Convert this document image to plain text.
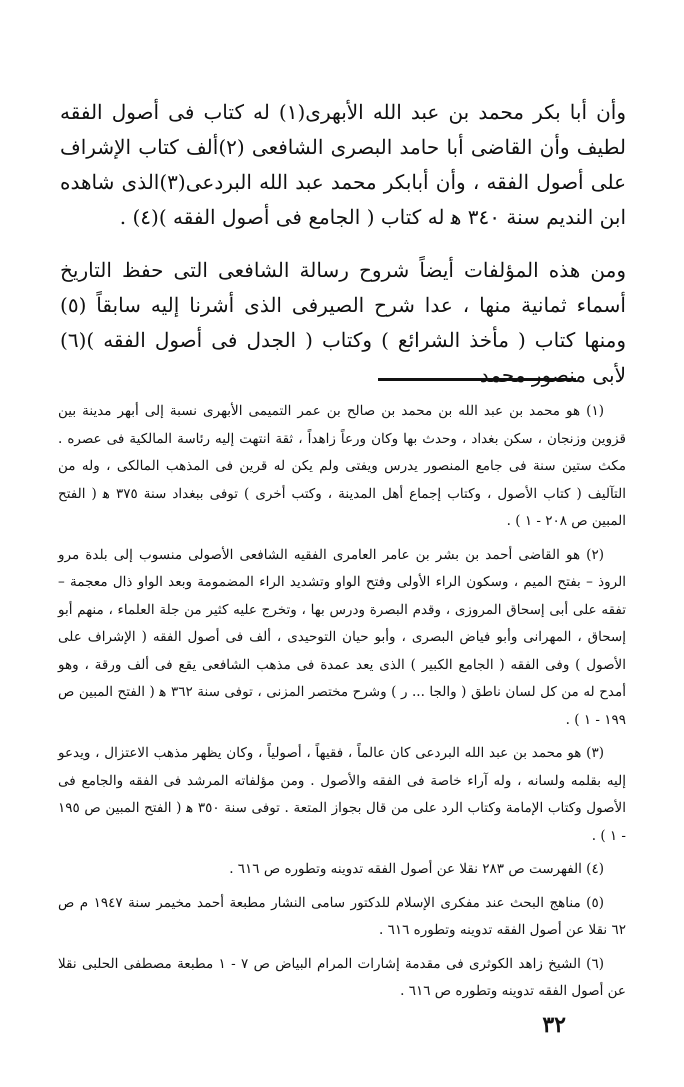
وأن أبا بكر محمد بن عبد الله الأبهرى(١) له كتاب فى أصول الفقه لطيف وأن القاضى أبا حامد البصرى الشافعى (٢)ألف كتاب الإشراف على أصول الفقه ، وأن أبابكر محمد عبد الله البردعى(٣)الذى شاهده ابن النديم سنة ٣٤٠ ﻫ له كتاب ( الجامع فى أصول الفقه )(٤) .

ومن هذه المؤلفات أيضاً شروح رسالة الشافعى التى حفظ التاريخ أسماء ثمانية منها ، عدا شرح الصيرفى الذى أشرنا إليه سابقاً (٥) ومنها كتاب ( مأخذ الشرائع ) وكتاب ( الجدل فى أصول الفقه )(٦) لأبى منصور محمد

(١) هو محمد بن عبد الله بن محمد بن صالح بن عمر التميمى الأبهرى نسبة إلى أبهر مدينة بين قزوين وزنجان ، سكن بغداد ، وحدث بها وكان ورعاً زاهداً ، ثقة انتهت إليه رئاسة المالكية فى عصره . مكث ستين سنة فى جامع المنصور يدرس ويفتى ولم يكن له قرين فى المذهب المالكى ، وله من التآليف ( كتاب الأصول ، وكتاب إجماع أهل المدينة ، وكتب أخرى ) توفى ببغداد سنة ٣٧٥ ﻫ ( الفتح المبين ص ٢٠٨ - ١ ) .

(٢) هو القاضى أحمد بن بشر بن عامر العامرى الفقيه الشافعى الأصولى منسوب إلى بلدة مرو الروذ – بفتح الميم ، وسكون الراء الأولى وفتح الواو وتشديد الراء المضمومة وبعد الواو ذال معجمة – تفقه على أبى إسحاق المروزى ، وقدم البصرة ودرس بها ، وتخرج عليه كثير من جلة العلماء ، منهم أبو إسحاق ، المهرانى وأبو فياض البصرى ، وأبو حيان التوحيدى ، ألف فى أصول الفقه ( الإشراف على الأصول ) وفى الفقه ( الجامع الكبير ) الذى يعد عمدة فى مذهب الشافعى يقع فى ألف ورقة ، وهو أمدح له من كل لسان ناطق ( والجا ... ر ) وشرح مختصر المزنى ، توفى سنة ٣٦٢ ﻫ ( الفتح المبين ص ١٩٩ - ١ ) .

(٣) هو محمد بن عبد الله البردعى كان عالماً ، فقيهاً ، أصولياً ، وكان يظهر مذهب الاعتزال ، ويدعو إليه بقلمه ولسانه ، وله آراء خاصة فى الفقه والأصول . ومن مؤلفاته المرشد فى الفقه والجامع فى الأصول وكتاب الإمامة وكتاب الرد على من قال بجواز المتعة . توفى سنة ٣٥٠ ﻫ ( الفتح المبين ص ١٩٥ - ١ ) .

(٤) الفهرست ص ٢٨٣ نقلا عن أصول الفقه تدوينه وتطوره ص ٦١٦ .

(٥) مناهج البحث عند مفكرى الإسلام للدكتور سامى النشار مطبعة أحمد مخيمر سنة ١٩٤٧ م ص ٦٢ نقلا عن أصول الفقه تدوينه وتطوره ٦١٦ .

(٦) الشيخ زاهد الكوثرى فى مقدمة إشارات المرام البياض ص ٧ - ١ مطبعة مصطفى الحلبى نقلا عن أصول الفقه تدوينه وتطوره ص ٦١٦ .

٣٢
